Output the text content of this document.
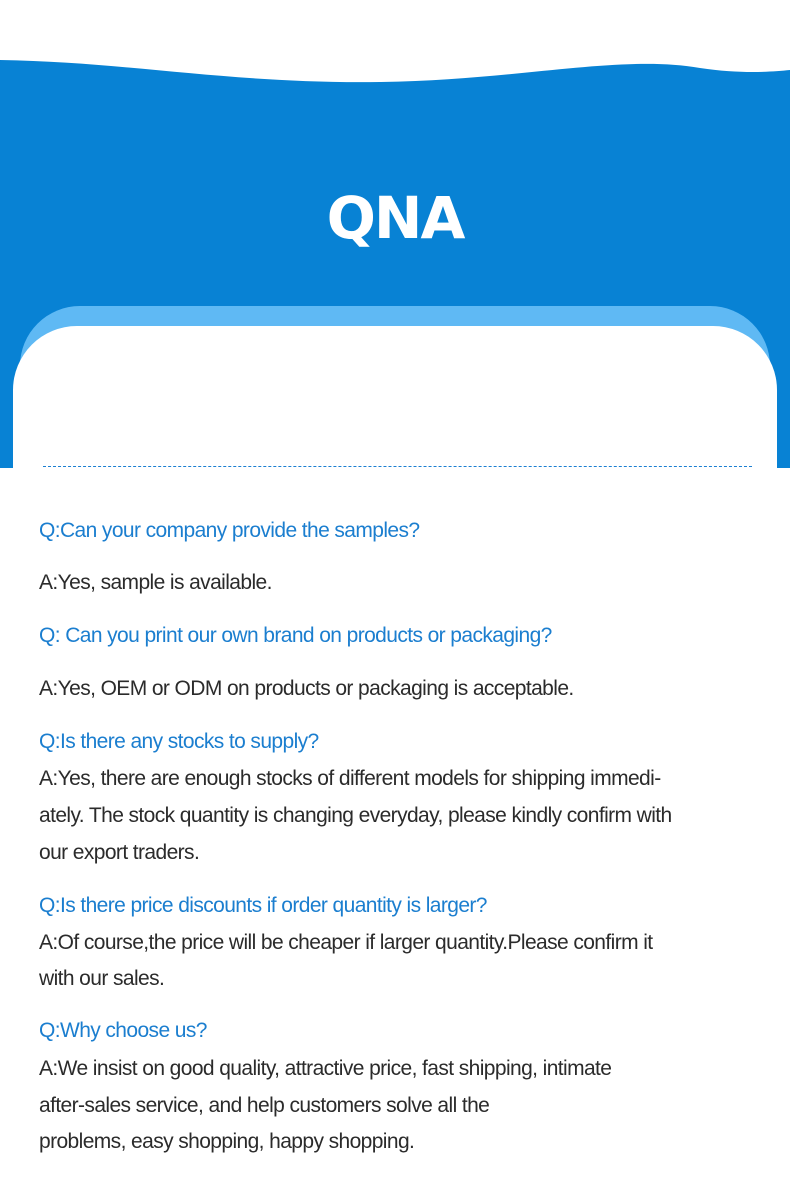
QNA

Q:Can your company provide the samples?

A:Yes, sample is available.

Q: Can you print our own brand on products or packaging?

A:Yes, OEM or ODM on products or packaging is acceptable.

Q:Is there any stocks to supply?

A:Yes, there are enough stocks of different models for shipping immedi-

ately. The stock quantity is changing everyday, please kindly confirm with

our export traders.

Q:Is there price discounts if order quantity is larger?

A:Of course,the price will be cheaper if larger quantity.Please confirm it

with our sales.

Q:Why choose us?

A:We insist on good quality, attractive price, fast shipping, intimate

after-sales service, and help customers solve all the

problems, easy shopping, happy shopping.
